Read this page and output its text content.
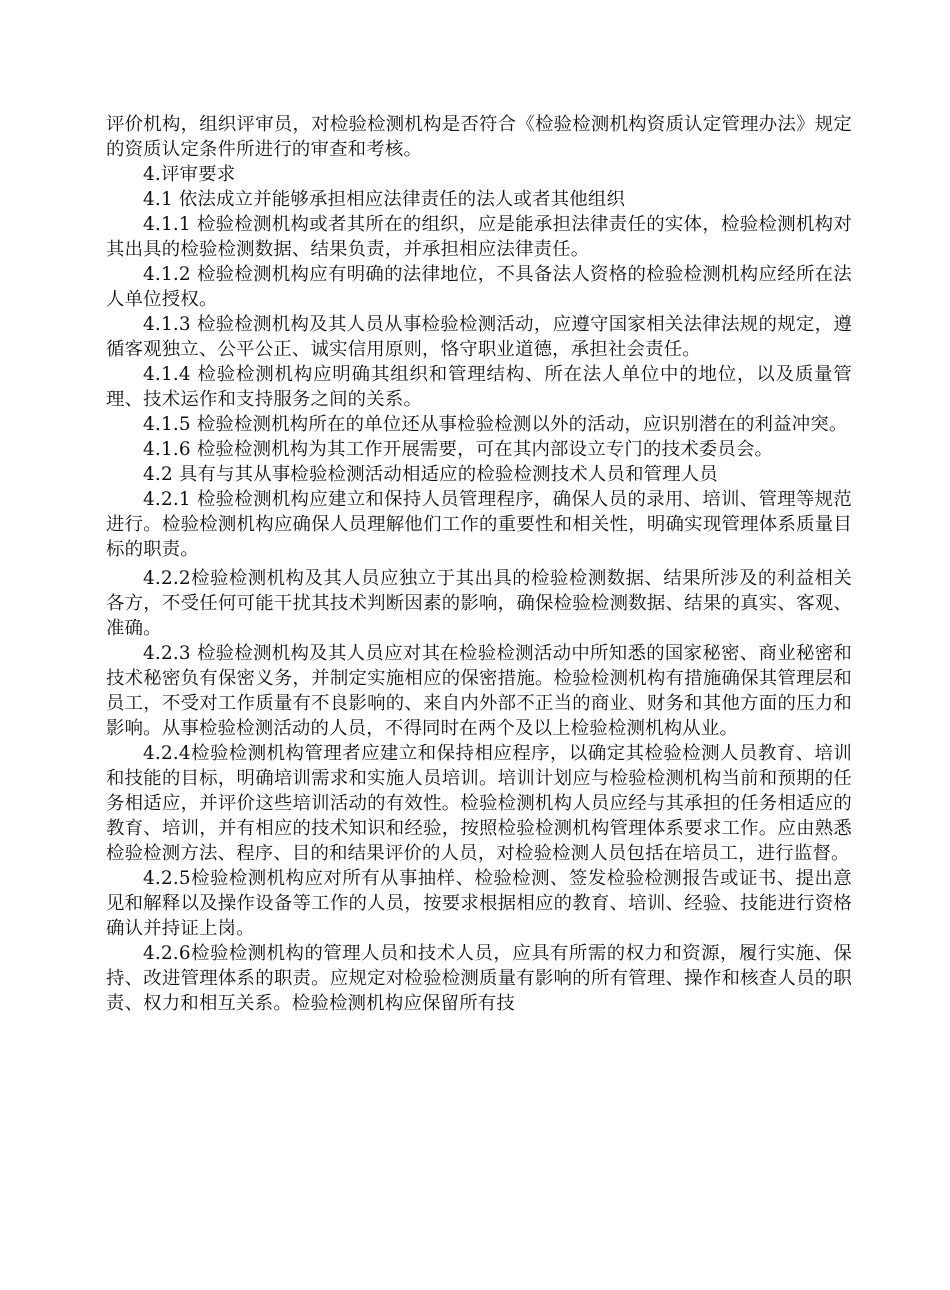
评价机构，组织评审员，对检验检测机构是否符合《检验检测机构资质认定管理办法》规定的资质认定条件所进行的审查和考核。

4.评审要求

4.1 依法成立并能够承担相应法律责任的法人或者其他组织

4.1.1 检验检测机构或者其所在的组织，应是能承担法律责任的实体，检验检测机构对其出具的检验检测数据、结果负责，并承担相应法律责任。

4.1.2 检验检测机构应有明确的法律地位，不具备法人资格的检验检测机构应经所在法人单位授权。

4.1.3 检验检测机构及其人员从事检验检测活动，应遵守国家相关法律法规的规定，遵循客观独立、公平公正、诚实信用原则，恪守职业道德，承担社会责任。

4.1.4 检验检测机构应明确其组织和管理结构、所在法人单位中的地位，以及质量管理、技术运作和支持服务之间的关系。

4.1.5 检验检测机构所在的单位还从事检验检测以外的活动，应识别潜在的利益冲突。

4.1.6 检验检测机构为其工作开展需要，可在其内部设立专门的技术委员会。

4.2 具有与其从事检验检测活动相适应的检验检测技术人员和管理人员

4.2.1 检验检测机构应建立和保持人员管理程序，确保人员的录用、培训、管理等规范进行。检验检测机构应确保人员理解他们工作的重要性和相关性，明确实现管理体系质量目标的职责。

4.2.2检验检测机构及其人员应独立于其出具的检验检测数据、结果所涉及的利益相关各方，不受任何可能干扰其技术判断因素的影响，确保检验检测数据、结果的真实、客观、准确。

4.2.3 检验检测机构及其人员应对其在检验检测活动中所知悉的国家秘密、商业秘密和技术秘密负有保密义务，并制定实施相应的保密措施。检验检测机构有措施确保其管理层和员工，不受对工作质量有不良影响的、来自内外部不正当的商业、财务和其他方面的压力和影响。从事检验检测活动的人员，不得同时在两个及以上检验检测机构从业。

4.2.4检验检测机构管理者应建立和保持相应程序，以确定其检验检测人员教育、培训和技能的目标，明确培训需求和实施人员培训。培训计划应与检验检测机构当前和预期的任务相适应，并评价这些培训活动的有效性。检验检测机构人员应经与其承担的任务相适应的教育、培训，并有相应的技术知识和经验，按照检验检测机构管理体系要求工作。应由熟悉检验检测方法、程序、目的和结果评价的人员，对检验检测人员包括在培员工，进行监督。

4.2.5检验检测机构应对所有从事抽样、检验检测、签发检验检测报告或证书、提出意见和解释以及操作设备等工作的人员，按要求根据相应的教育、培训、经验、技能进行资格确认并持证上岗。

4.2.6检验检测机构的管理人员和技术人员，应具有所需的权力和资源，履行实施、保持、改进管理体系的职责。应规定对检验检测质量有影响的所有管理、操作和核查人员的职责、权力和相互关系。检验检测机构应保留所有技
